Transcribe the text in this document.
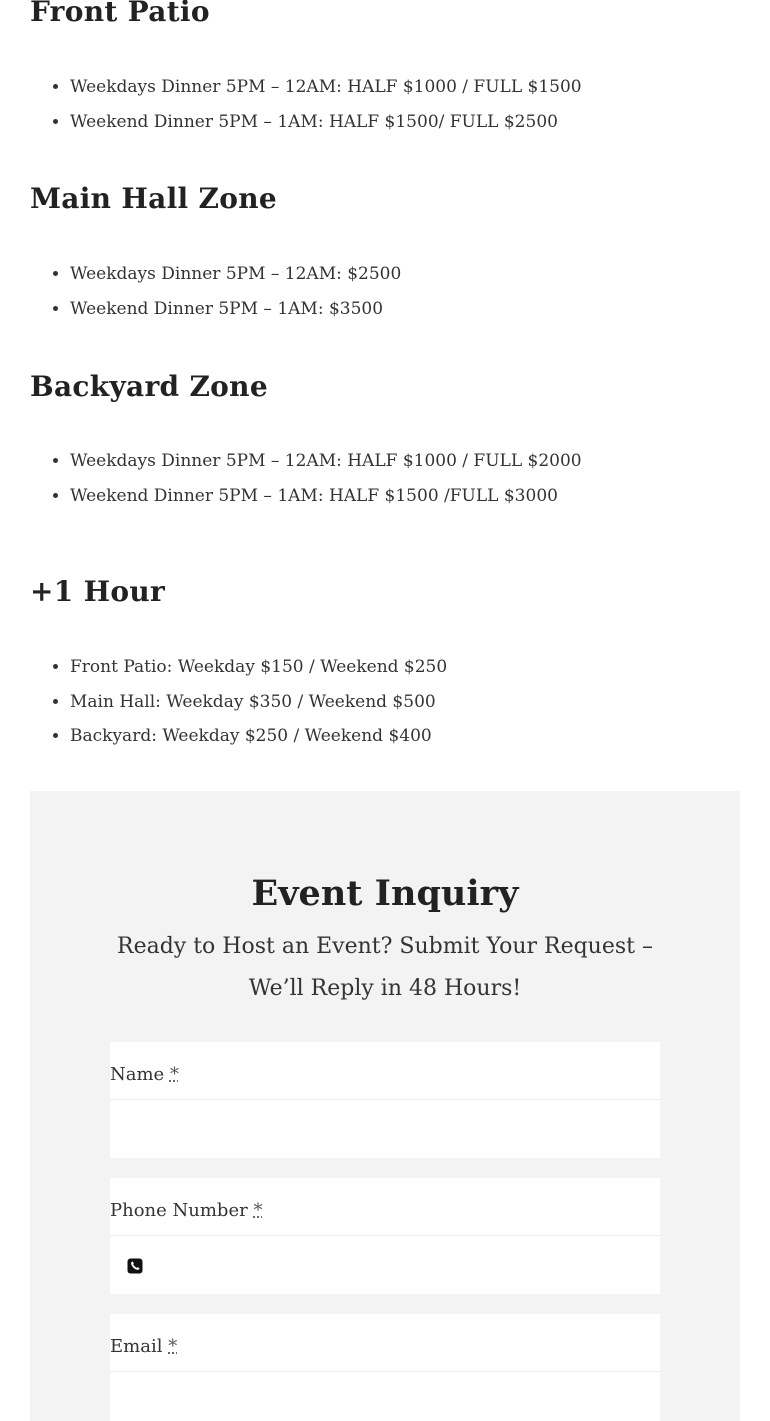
Front Patio
• Weekdays Dinner 5PM – 12AM: HALF $1000 / FULL $1500
• Weekend Dinner 5PM – 1AM: HALF $1500/ FULL $2500
Main Hall Zone
• Weekdays Dinner 5PM – 12AM: $2500
• Weekend Dinner 5PM – 1AM: $3500
Backyard Zone
• Weekdays Dinner 5PM – 12AM: HALF $1000 / FULL $2000
• Weekend Dinner 5PM – 1AM: HALF $1500 /FULL $3000
+1 Hour
• Front Patio: Weekday $150 / Weekend $250
• Main Hall: Weekday $350 / Weekend $500
• Backyard: Weekday $250 / Weekend $400
Event Inquiry

Ready to Host an Event? Submit Your Request – We’ll Reply in 48 Hours!

Name *
Phone Number *
Email *
